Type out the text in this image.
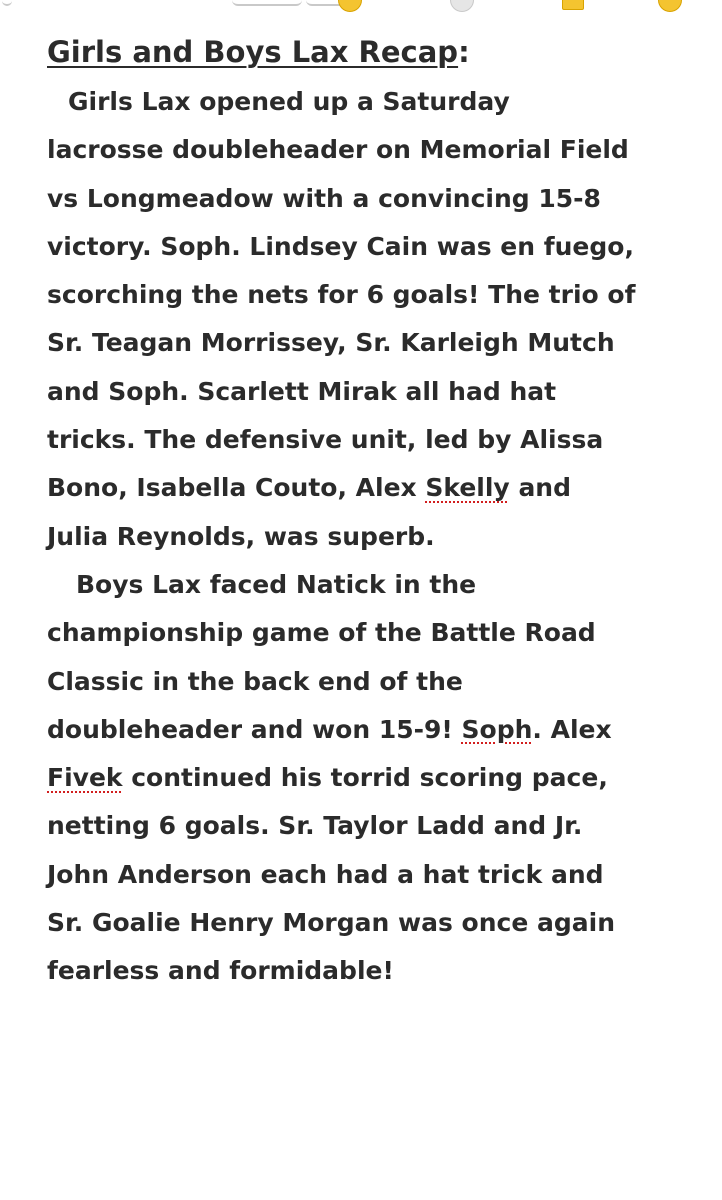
Girls and Boys Lax Recap:

Girls Lax opened up a Saturday
lacrosse doubleheader on Memorial Field
vs Longmeadow with a convincing 15-8
victory. Soph. Lindsey Cain was en fuego,
scorching the nets for 6 goals! The trio of
Sr. Teagan Morrissey, Sr. Karleigh Mutch
and Soph. Scarlett Mirak all had hat
tricks. The defensive unit, led by Alissa
Bono, Isabella Couto, Alex Skelly and
Julia Reynolds, was superb.

Boys Lax faced Natick in the
championship game of the Battle Road
Classic in the back end of the
doubleheader and won 15-9! Soph. Alex
Fivek continued his torrid scoring pace,
netting 6 goals. Sr. Taylor Ladd and Jr.
John Anderson each had a hat trick and
Sr. Goalie Henry Morgan was once again
fearless and formidable!
